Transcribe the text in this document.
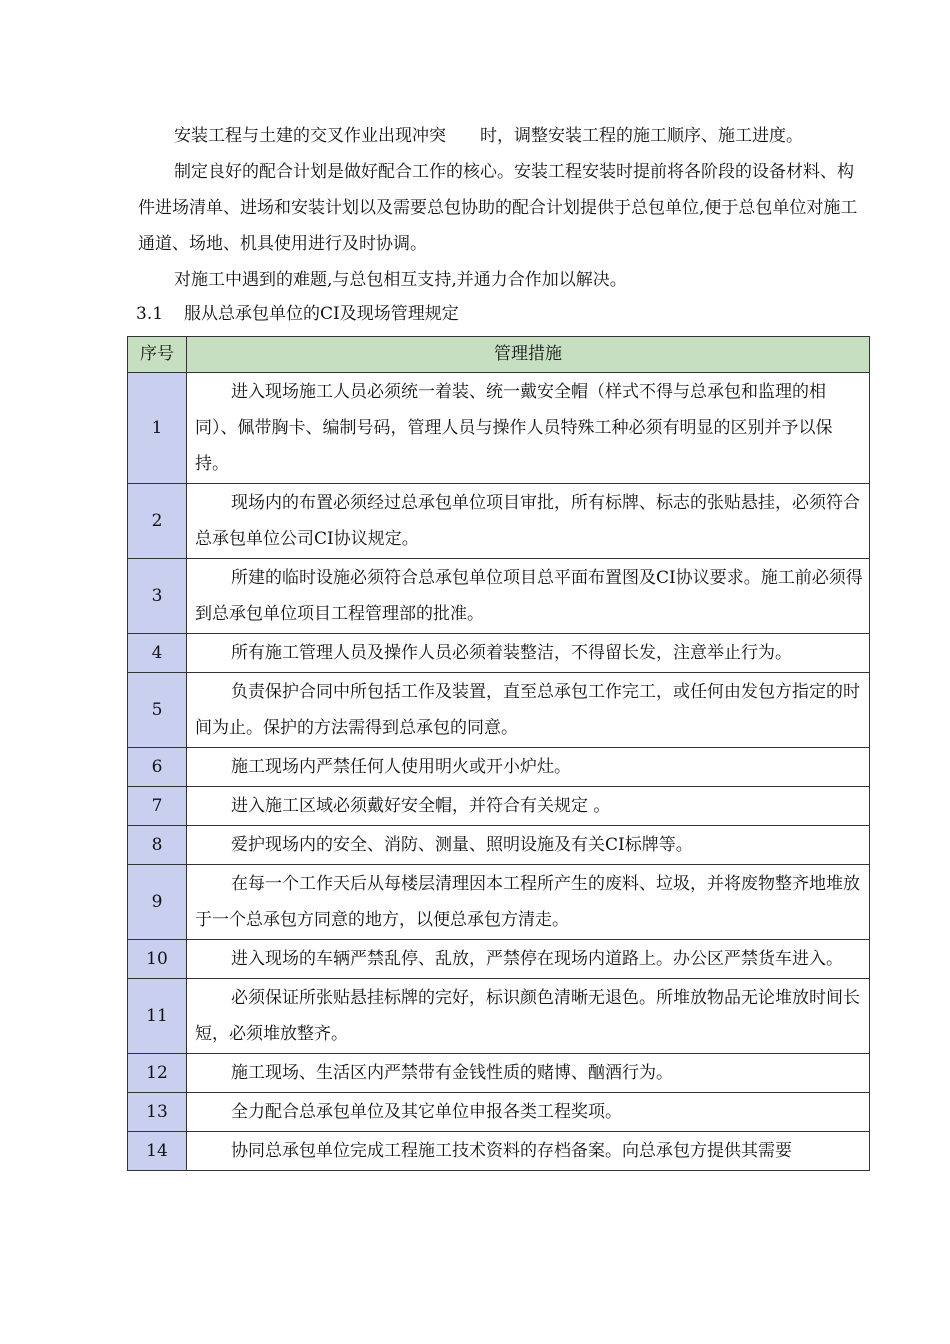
安装工程与土建的交叉作业出现冲突 时，调整安装工程的施工顺序、施工进度。

制定良好的配合计划是做好配合工作的核心。安装工程安装时提前将各阶段的设备材料、构件进场清单、进场和安装计划以及需要总包协助的配合计划提供于总包单位,便于总包单位对施工通道、场地、机具使用进行及时协调。

对施工中遇到的难题,与总包相互支持,并通力合作加以解决。

3.1 服从总承包单位的CI及现场管理规定

序号	管理措施
1	进入现场施工人员必须统一着装、统一戴安全帽（样式不得与总承包和监理的相同）、佩带胸卡、编制号码，管理人员与操作人员特殊工种必须有明显的区别并予以保持。
2	现场内的布置必须经过总承包单位项目审批，所有标牌、标志的张贴悬挂，必须符合总承包单位公司CI协议规定。
3	所建的临时设施必须符合总承包单位项目总平面布置图及CI协议要求。施工前必须得到总承包单位项目工程管理部的批准。
4	所有施工管理人员及操作人员必须着装整洁，不得留长发，注意举止行为。
5	负责保护合同中所包括工作及装置，直至总承包工作完工，或任何由发包方指定的时间为止。保护的方法需得到总承包的同意。
6	施工现场内严禁任何人使用明火或开小炉灶。
7	进入施工区域必须戴好安全帽，并符合有关规定 。
8	爱护现场内的安全、消防、测量、照明设施及有关CI标牌等。
9	在每一个工作天后从每楼层清理因本工程所产生的废料、垃圾，并将废物整齐地堆放于一个总承包方同意的地方，以便总承包方清走。
10	进入现场的车辆严禁乱停、乱放，严禁停在现场内道路上。办公区严禁货车进入。
11	必须保证所张贴悬挂标牌的完好，标识颜色清晰无退色。所堆放物品无论堆放时间长短，必须堆放整齐。
12	施工现场、生活区内严禁带有金钱性质的赌博、酗酒行为。
13	全力配合总承包单位及其它单位申报各类工程奖项。
14	协同总承包单位完成工程施工技术资料的存档备案。向总承包方提供其需要
